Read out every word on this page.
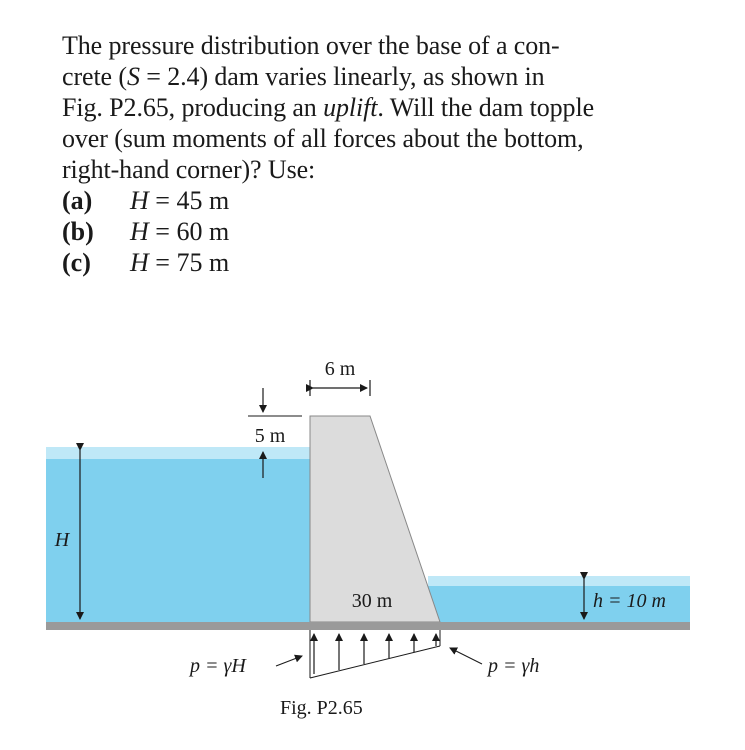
The pressure distribution over the base of a con-
crete (S = 2.4) dam varies linearly, as shown in
Fig. P2.65, producing an uplift. Will the dam topple
over (sum moments of all forces about the bottom,
right-hand corner)? Use:
(a)	H = 45 m
(b)	H = 60 m
(c)	H = 75 m
6 m
5 m
H
30 m	h = 10 m
p = γH	p = γh
Fig. P2.65
